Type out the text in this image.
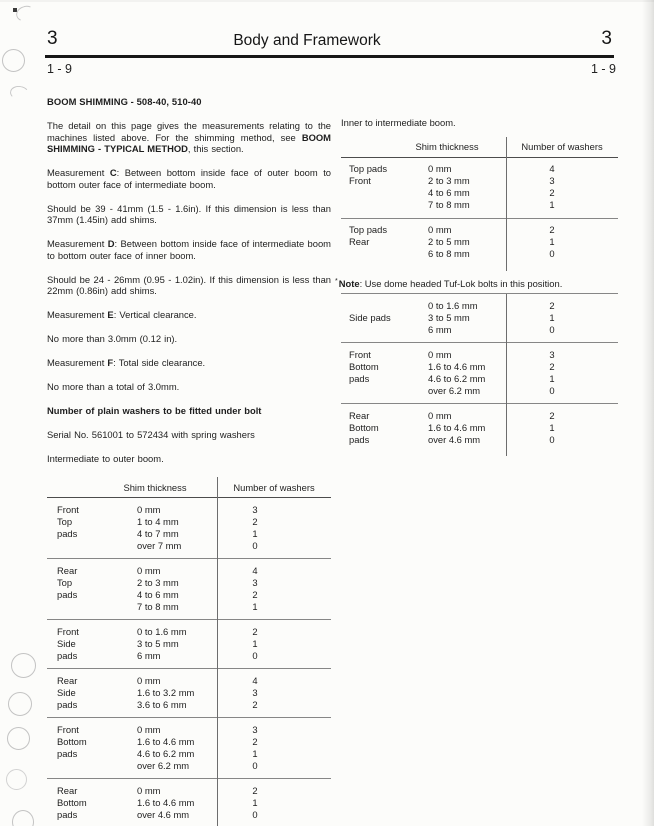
3	Body and Framework	3
1 - 9	1 - 9

BOOM SHIMMING - 508-40, 510-40

The detail on this page gives the measurements relating to the machines listed above. For the shimming method, see BOOM SHIMMING - TYPICAL METHOD, this section.

Measurement C: Between bottom inside face of outer boom to bottom outer face of intermediate boom.

Should be 39 - 41mm (1.5 - 1.6in). If this dimension is less than 37mm (1.45in) add shims.

Measurement D: Between bottom inside face of intermediate boom to bottom outer face of inner boom.

Should be 24 - 26mm (0.95 - 1.02in). If this dimension is less than 22mm (0.86in) add shims.

Measurement E: Vertical clearance.

No more than 3.0mm (0.12 in).

Measurement F: Total side clearance.

No more than a total of 3.0mm.

Number of plain washers to be fitted under bolt

Serial No. 561001 to 572434 with spring washers

Intermediate to outer boom.

Shim thickness	Number of washers
Front	0 mm	3
Top	1 to 4 mm	2
pads	4 to 7 mm	1
over 7 mm	0
Rear	0 mm	4
Top	2 to 3 mm	3
pads	4 to 6 mm	2
7 to 8 mm	1
Front	0 to 1.6 mm	2
Side	3 to 5 mm	1
pads	6 mm	0
Rear	0 mm	4
Side	1.6 to 3.2 mm	3
pads	3.6 to 6 mm	2
Front	0 mm	3
Bottom	1.6 to 4.6 mm	2
pads	4.6 to 6.2 mm	1
over 6.2 mm	0
Rear	0 mm	2
Bottom	1.6 to 4.6 mm	1
pads	over 4.6 mm	0

Inner to intermediate boom.

Shim thickness	Number of washers
Top pads	0 mm	4
Front	2 to 3 mm	3
4 to 6 mm	2
7 to 8 mm	1
Top pads	0 mm	2
Rear	2 to 5 mm	1
6 to 8 mm	0

*Note: Use dome headed Tuf-Lok bolts in this position.

0 to 1.6 mm	2
Side pads	3 to 5 mm	1
6 mm	0
Front	0 mm	3
Bottom	1.6 to 4.6 mm	2
pads	4.6 to 6.2 mm	1
over 6.2 mm	0
Rear	0 mm	2
Bottom	1.6 to 4.6 mm	1
pads	over 4.6 mm	0
